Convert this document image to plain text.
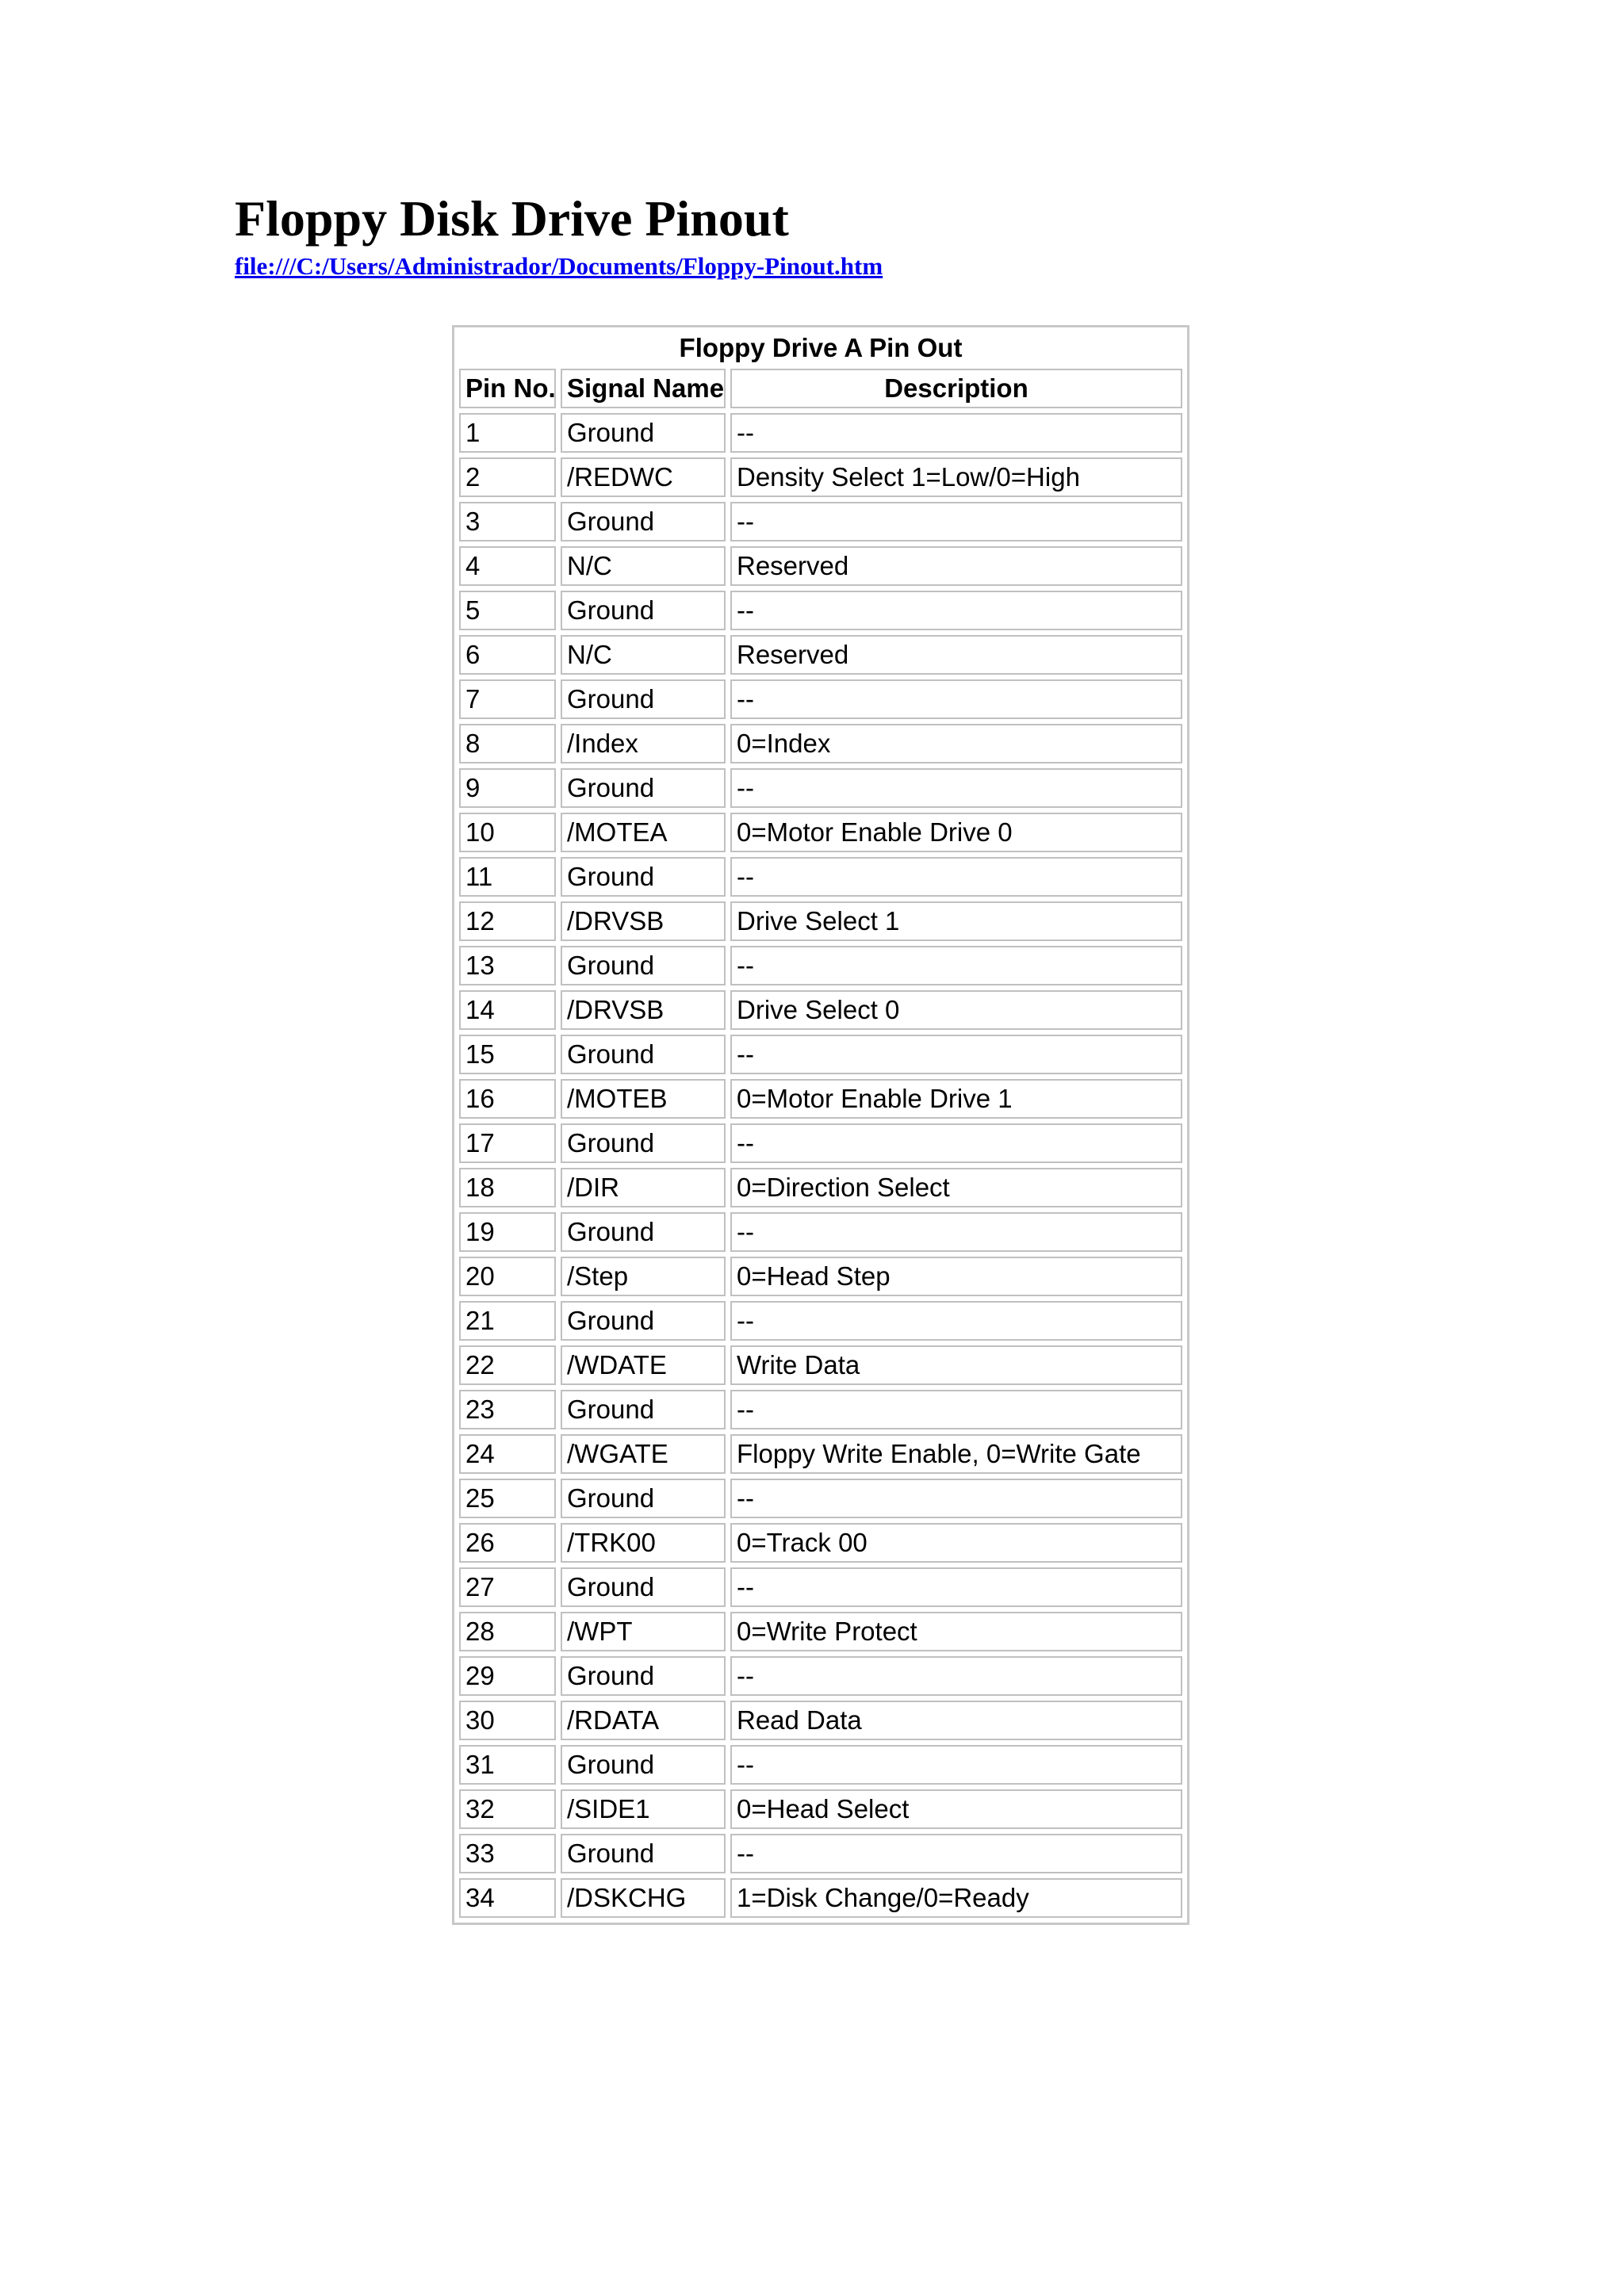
Floppy Disk Drive Pinout
file:///C:/Users/Administrador/Documents/Floppy-Pinout.htm
Floppy Drive A Pin Out		
Pin No.	Signal Name	Description
1	Ground	--
2	/REDWC	Density Select 1=Low/0=High
3	Ground	--
4	N/C	Reserved
5	Ground	--
6	N/C	Reserved
7	Ground	--
8	/Index	0=Index
9	Ground	--
10	/MOTEA	0=Motor Enable Drive 0
11	Ground	--
12	/DRVSB	Drive Select 1
13	Ground	--
14	/DRVSB	Drive Select 0
15	Ground	--
16	/MOTEB	0=Motor Enable Drive 1
17	Ground	--
18	/DIR	0=Direction Select
19	Ground	--
20	/Step	0=Head Step
21	Ground	--
22	/WDATE	Write Data
23	Ground	--
24	/WGATE	Floppy Write Enable, 0=Write Gate
25	Ground	--
26	/TRK00	0=Track 00
27	Ground	--
28	/WPT	0=Write Protect
29	Ground	--
30	/RDATA	Read Data
31	Ground	--
32	/SIDE1	0=Head Select
33	Ground	--
34	/DSKCHG	1=Disk Change/0=Ready
